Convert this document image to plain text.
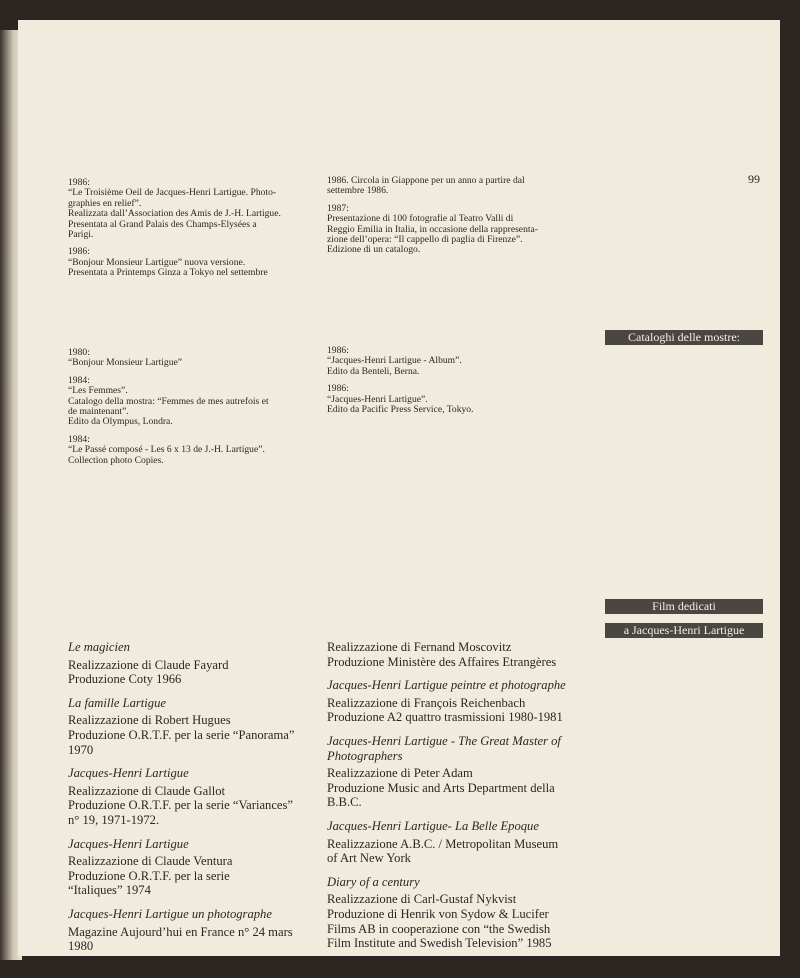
99
1986:
“Le Troisième Oeil de Jacques-Henri Lartigue. Photo-
graphies en relief”.
Realizzata dall’Association des Amis de J.-H. Lartigue.
Presentata al Grand Palais des Champs-Elysées a
Parigi.
1986:
“Bonjour Monsieur Lartigue” nuova versione.
Presentata a Printemps Ginza a Tokyo nel settembre
1986. Circola in Giappone per un anno a partire dal
settembre 1986.
1987:
Presentazione di 100 fotografie al Teatro Valli di
Reggio Emilia in Italia, in occasione della rappresenta-
zione dell’opera: “Il cappello di paglia di Firenze”.
Edizione di un catalogo.
Cataloghi delle mostre:
1980:
“Bonjour Monsieur Lartigue”
1984:
“Les Femmes”.
Catalogo della mostra: “Femmes de mes autrefois et
de maintenant”.
Edito da Olympus, Londra.
1984:
“Le Passé composé - Les 6 x 13 de J.-H. Lartigue”.
Collection photo Copies.
1986:
“Jacques-Henri Lartigue - Album”.
Edito da Benteli, Berna.
1986:
“Jacques-Henri Lartigue”.
Edito da Pacific Press Service, Tokyo.
Film dedicati
a Jacques-Henri Lartigue
Le magicien
Realizzazione di Claude Fayard
Produzione Coty 1966
La famille Lartigue
Realizzazione di Robert Hugues
Produzione O.R.T.F. per la serie “Panorama”
1970
Jacques-Henri Lartigue
Realizzazione di Claude Gallot
Produzione O.R.T.F. per la serie “Variances”
n° 19, 1971-1972.
Jacques-Henri Lartigue
Realizzazione di Claude Ventura
Produzione O.R.T.F. per la serie
“Italiques” 1974
Jacques-Henri Lartigue un photographe
Magazine Aujourd’hui en France n° 24 mars
1980
Realizzazione di Fernand Moscovitz
Produzione Ministère des Affaires Etrangères
Jacques-Henri Lartigue peintre et photographe
Realizzazione di François Reichenbach
Produzione A2 quattro trasmissioni 1980-1981
Jacques-Henri Lartigue - The Great Master of
Photographers
Realizzazione di Peter Adam
Produzione Music and Arts Department della
B.B.C.
Jacques-Henri Lartigue- La Belle Epoque
Realizzazione A.B.C. / Metropolitan Museum
of Art New York
Diary of a century
Realizzazione di Carl-Gustaf Nykvist
Produzione di Henrik von Sydow & Lucifer
Films AB in cooperazione con “the Swedish
Film Institute and Swedish Television” 1985
